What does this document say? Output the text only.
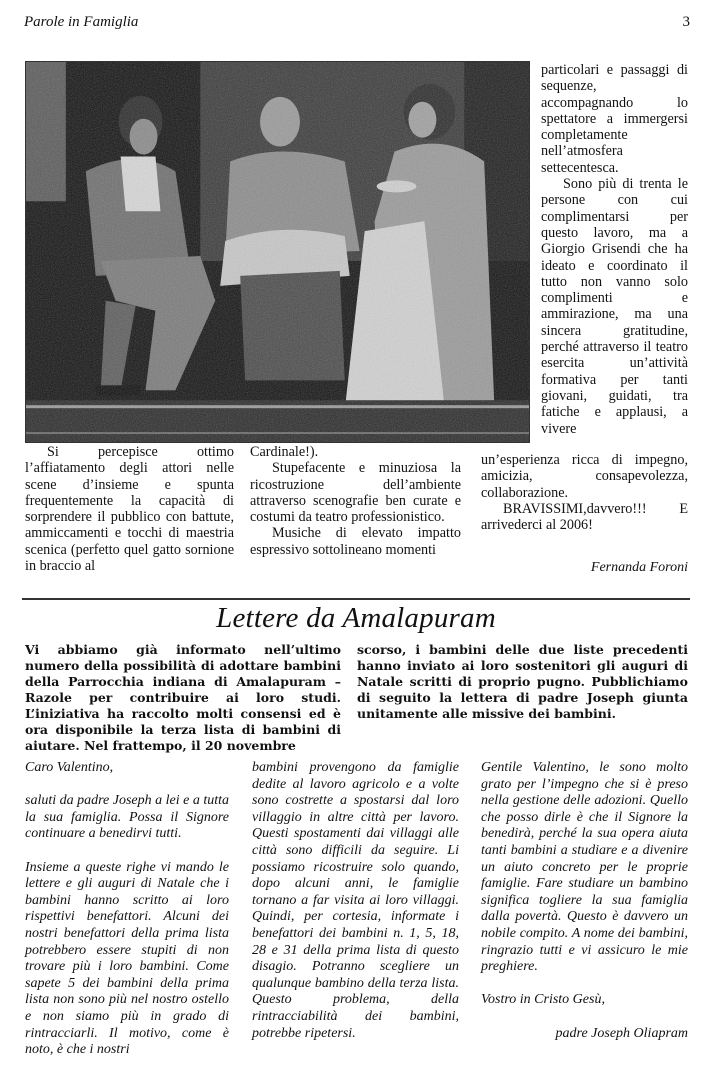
Parole in Famiglia	3

particolari e passaggi di sequenze, accompagnando lo spettatore a immergersi completamente nell’atmosfera settecentesca.

Sono più di trenta le persone con cui complimentarsi per questo lavoro, ma a Giorgio Grisendi che ha ideato e coordinato il tutto non vanno solo complimenti e ammirazione, ma una sincera gratitudine, perché attraverso il teatro esercita un’attività formativa per tanti giovani, guidati, tra fatiche e applausi, a vivere

un’esperienza ricca di impegno, amicizia, consapevolezza, collaborazione.

BRAVISSIMI,davvero!!! E arrivederci al 2006!

Fernanda Foroni

Si percepisce ottimo l’affiatamento degli attori nelle scene d’insieme e spunta frequentemente la capacità di sorprendere il pubblico con battute, ammiccamenti e tocchi di maestria scenica (perfetto quel gatto sornione in braccio al

Cardinale!).

Stupefacente e minuziosa la ricostruzione dell’ambiente attraverso scenografie ben curate e costumi da teatro professionistico.

Musiche di elevato impatto espressivo sottolineano momenti

Lettere da Amalapuram
Vi abbiamo già informato nell’ultimo numero della possibilità di adottare bambini della Parrocchia indiana di Amalapuram – Razole per contribuire ai loro studi. L’iniziativa ha raccolto molti consensi ed è ora disponibile la terza lista di bambini di aiutare. Nel frattempo, il 20 novembre
scorso, i bambini delle due liste precedenti hanno inviato ai loro sostenitori gli auguri di Natale scritti di proprio pugno. Pubblichiamo di seguito la lettera di padre Joseph giunta unitamente alle missive dei bambini.

Caro Valentino,

saluti da padre Joseph a lei e a tutta la sua famiglia. Possa il Signore continuare a benedirvi tutti.

Insieme a queste righe vi mando le lettere e gli auguri di Natale che i bambini hanno scritto ai loro rispettivi benefattori. Alcuni dei nostri benefattori della prima lista potrebbero essere stupiti di non trovare più i loro bambini. Come sapete 5 dei bambini della prima lista non sono più nel nostro ostello e non siamo più in grado di rintracciarli. Il motivo, come è noto, è che i nostri

bambini provengono da famiglie dedite al lavoro agricolo e a volte sono costrette a spostarsi dal loro villaggio in altre città per lavoro. Questi spostamenti dai villaggi alle città sono difficili da seguire. Li possiamo ricostruire solo quando, dopo alcuni anni, le famiglie tornano a far visita ai loro villaggi. Quindi, per cortesia, informate i benefattori dei bambini n. 1, 5, 18, 28 e 31 della prima lista di questo disagio. Potranno scegliere un qualunque bambino della terza lista. Questo problema, della rintracciabilità dei bambini, potrebbe ripetersi.

Gentile Valentino, le sono molto grato per l’impegno che si è preso nella gestione delle adozioni. Quello che posso dirle è che il Signore la benedirà, perché la sua opera aiuta tanti bambini a studiare e a divenire un aiuto concreto per le proprie famiglie. Fare studiare un bambino significa togliere la sua famiglia dalla povertà. Questo è davvero un nobile compito. A nome dei bambini, ringrazio tutti e vi assicuro le mie preghiere.

Vostro in Cristo Gesù,

padre Joseph Oliapram
